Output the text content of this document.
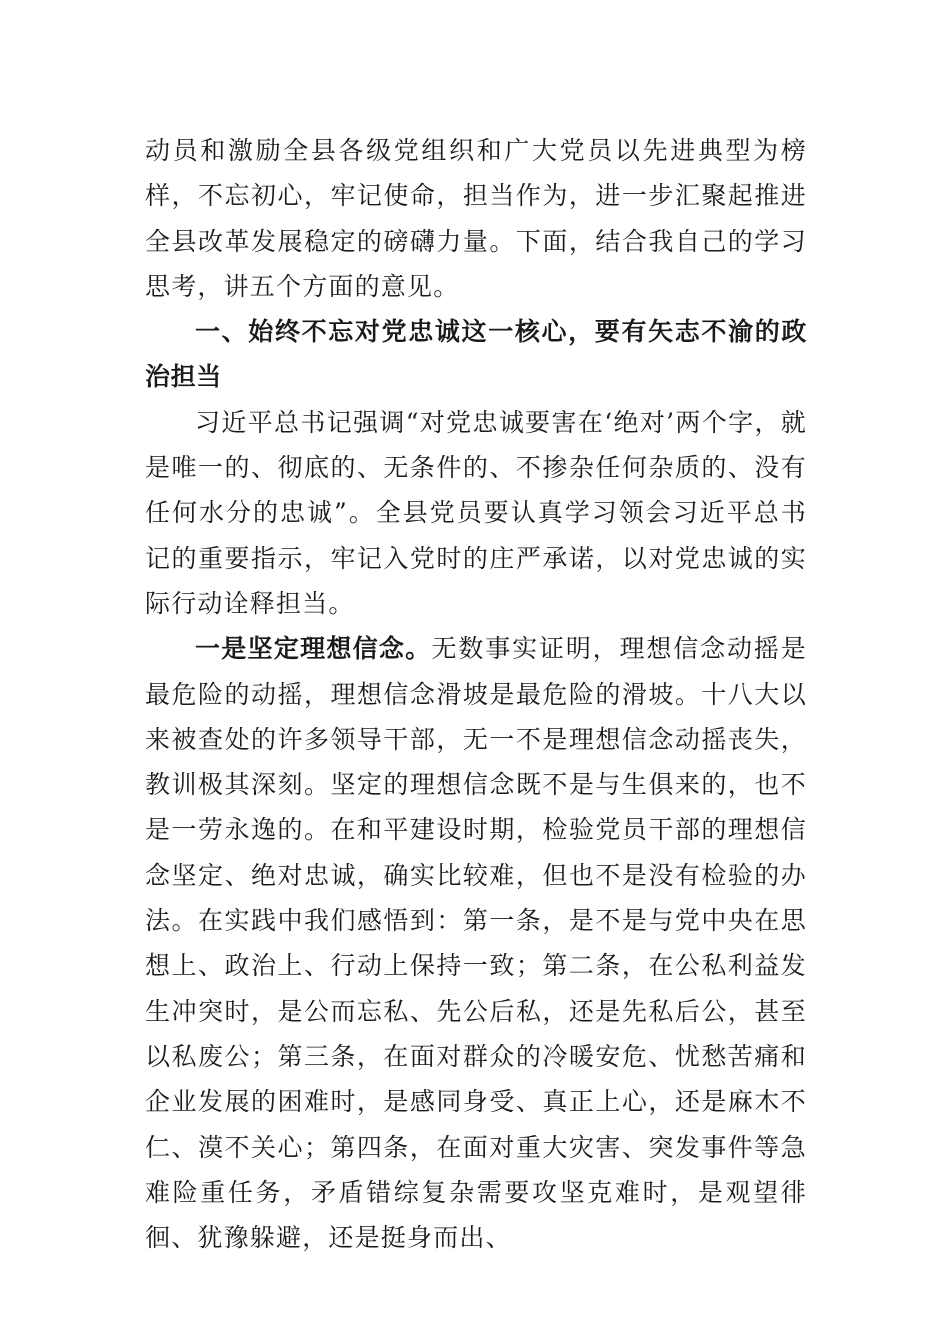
动员和激励全县各级党组织和广大党员以先进典型为榜样，不忘初心，牢记使命，担当作为，进一步汇聚起推进全县改革发展稳定的磅礴力量。下面，结合我自己的学习思考，讲五个方面的意见。

一、始终不忘对党忠诚这一核心，要有矢志不渝的政治担当

习近平总书记强调“对党忠诚要害在‘绝对’两个字，就是唯一的、彻底的、无条件的、不掺杂任何杂质的、没有任何水分的忠诚”。全县党员要认真学习领会习近平总书记的重要指示，牢记入党时的庄严承诺，以对党忠诚的实际行动诠释担当。

一是坚定理想信念。无数事实证明，理想信念动摇是最危险的动摇，理想信念滑坡是最危险的滑坡。十八大以来被查处的许多领导干部，无一不是理想信念动摇丧失，教训极其深刻。坚定的理想信念既不是与生俱来的，也不是一劳永逸的。在和平建设时期，检验党员干部的理想信念坚定、绝对忠诚，确实比较难，但也不是没有检验的办法。在实践中我们感悟到：第一条，是不是与党中央在思想上、政治上、行动上保持一致；第二条，在公私利益发生冲突时，是公而忘私、先公后私，还是先私后公，甚至以私废公；第三条，在面对群众的冷暖安危、忧愁苦痛和企业发展的困难时，是感同身受、真正上心，还是麻木不仁、漠不关心；第四条，在面对重大灾害、突发事件等急难险重任务，矛盾错综复杂需要攻坚克难时，是观望徘徊、犹豫躲避，还是挺身而出、
